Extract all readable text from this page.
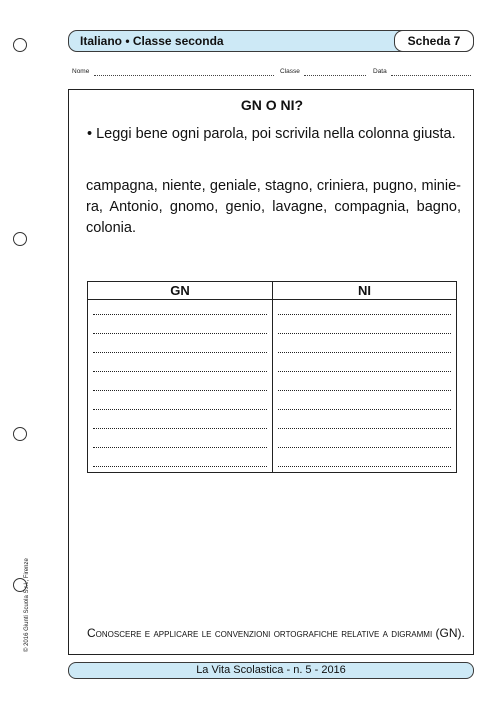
Italiano • Classe seconda	Scheda 7
Nome	Classe	Data
GN O NI?
• Leggi bene ogni parola, poi scrivila nella colonna giusta.
campagna, niente, geniale, stagno, criniera, pugno, minie-ra, Antonio, gnomo, genio, lavagne, compagnia, bagno, colonia.
GN	NI
Conoscere e applicare le convenzioni ortografiche relative a digrammi (GN).
© 2016 Giunti Scuola S.r.l., Firenze
La Vita Scolastica - n. 5 - 2016
